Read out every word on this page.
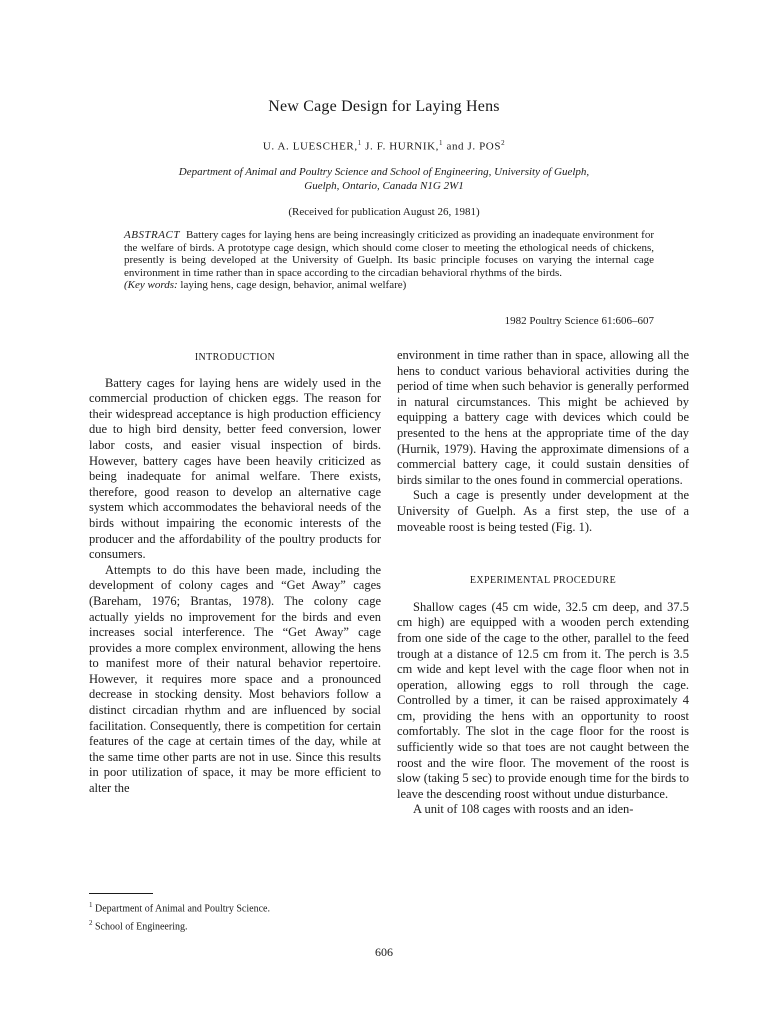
New Cage Design for Laying Hens
U. A. LUESCHER,$^1$ J. F. HURNIK,$^1$ and J. POS$^2$
Department of Animal and Poultry Science and School of Engineering, University of Guelph,
Guelph, Ontario, Canada N1G 2W1
(Received for publication August 26, 1981)
ABSTRACT Battery cages for laying hens are being increasingly criticized as providing an inadequate environment for the welfare of birds. A prototype cage design, which should come closer to meeting the ethological needs of chickens, presently is being developed at the University of Guelph. Its basic principle focuses on varying the internal cage environment in time rather than in space according to the circadian behavioral rhythms of the birds.
(Key words: laying hens, cage design, behavior, animal welfare)
1982 Poultry Science 61:606–607
INTRODUCTION

Battery cages for laying hens are widely used in the commercial production of chicken eggs. The reason for their widespread acceptance is high production efficiency due to high bird density, better feed conversion, lower labor costs, and easier visual inspection of birds. However, battery cages have been heavily criticized as being inadequate for animal welfare. There exists, therefore, good reason to develop an alternative cage system which accommodates the behavioral needs of the birds without impairing the economic interests of the producer and the affordability of the poultry products for consumers.

Attempts to do this have been made, including the development of colony cages and “Get Away” cages (Bareham, 1976; Brantas, 1978). The colony cage actually yields no improvement for the birds and even increases social interference. The “Get Away” cage provides a more complex environment, allowing the hens to manifest more of their natural behavior repertoire. However, it requires more space and a pronounced decrease in stocking density. Most behaviors follow a distinct circadian rhythm and are influenced by social facilitation. Consequently, there is competition for certain features of the cage at certain times of the day, while at the same time other parts are not in use. Since this results in poor utilization of space, it may be more efficient to alter the

environment in time rather than in space, allowing all the hens to conduct various behavioral activities during the period of time when such behavior is generally performed in natural circumstances. This might be achieved by equipping a battery cage with devices which could be presented to the hens at the appropriate time of the day (Hurnik, 1979). Having the approximate dimensions of a commercial battery cage, it could sustain densities of birds similar to the ones found in commercial operations.

Such a cage is presently under development at the University of Guelph. As a first step, the use of a moveable roost is being tested (Fig. 1).

EXPERIMENTAL PROCEDURE

Shallow cages (45 cm wide, 32.5 cm deep, and 37.5 cm high) are equipped with a wooden perch extending from one side of the cage to the other, parallel to the feed trough at a distance of 12.5 cm from it. The perch is 3.5 cm wide and kept level with the cage floor when not in operation, allowing eggs to roll through the cage. Controlled by a timer, it can be raised approximately 4 cm, providing the hens with an opportunity to roost comfortably. The slot in the cage floor for the roost is sufficiently wide so that toes are not caught between the roost and the wire floor. The movement of the roost is slow (taking 5 sec) to provide enough time for the birds to leave the descending roost without undue disturbance.

A unit of 108 cages with roosts and an iden-

$^1$ Department of Animal and Poultry Science.
$^2$ School of Engineering.
606
